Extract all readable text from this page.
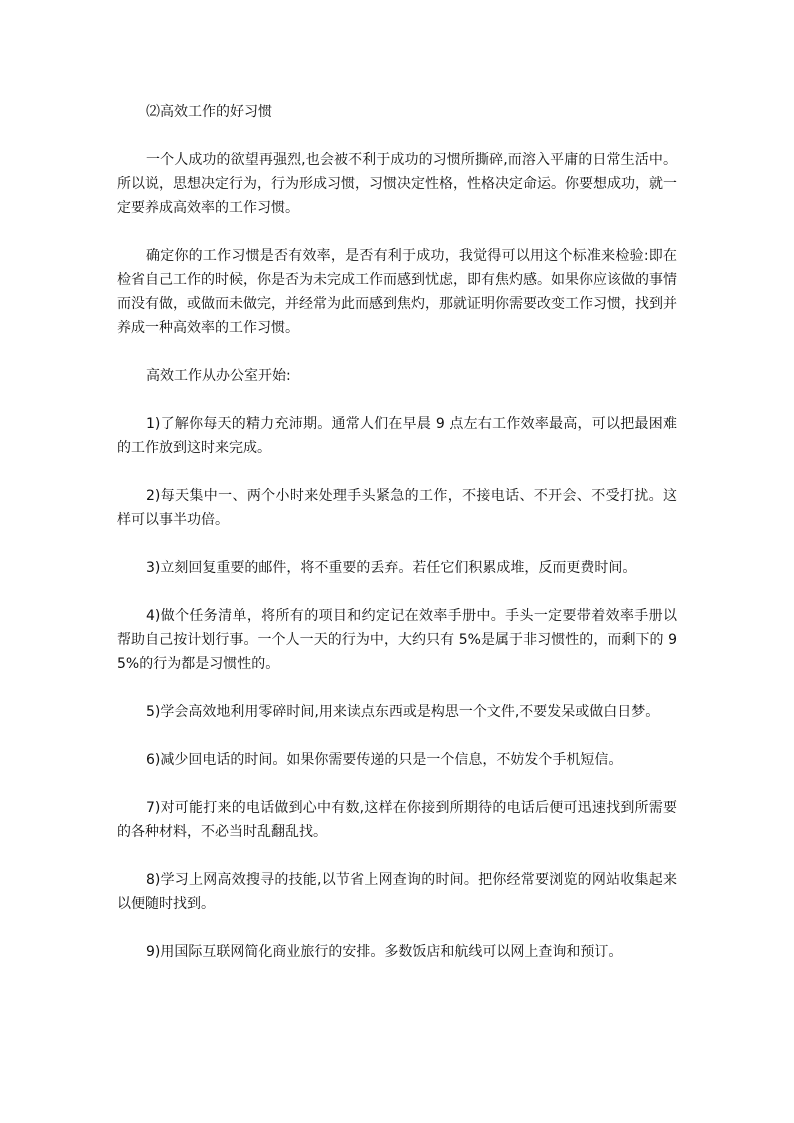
⑵高效工作的好习惯

一个人成功的欲望再强烈,也会被不利于成功的习惯所撕碎,而溶入平庸的日常生活中。所以说，思想决定行为，行为形成习惯，习惯决定性格，性格决定命运。你要想成功，就一定要养成高效率的工作习惯。

确定你的工作习惯是否有效率，是否有利于成功，我觉得可以用这个标准来检验:即在检省自己工作的时候，你是否为未完成工作而感到忧虑，即有焦灼感。如果你应该做的事情而没有做，或做而未做完，并经常为此而感到焦灼，那就证明你需要改变工作习惯，找到并养成一种高效率的工作习惯。

高效工作从办公室开始:

1)了解你每天的精力充沛期。通常人们在早晨 9 点左右工作效率最高，可以把最困难的工作放到这时来完成。

2)每天集中一、两个小时来处理手头紧急的工作，不接电话、不开会、不受打扰。这样可以事半功倍。

3)立刻回复重要的邮件，将不重要的丢弃。若任它们积累成堆，反而更费时间。

4)做个任务清单，将所有的项目和约定记在效率手册中。手头一定要带着效率手册以帮助自己按计划行事。一个人一天的行为中，大约只有 5%是属于非习惯性的，而剩下的 95%的行为都是习惯性的。

5)学会高效地利用零碎时间,用来读点东西或是构思一个文件,不要发呆或做白日梦。

6)减少回电话的时间。如果你需要传递的只是一个信息，不妨发个手机短信。

7)对可能打来的电话做到心中有数,这样在你接到所期待的电话后便可迅速找到所需要的各种材料，不必当时乱翻乱找。

8)学习上网高效搜寻的技能,以节省上网查询的时间。把你经常要浏览的网站收集起来以便随时找到。

9)用国际互联网简化商业旅行的安排。多数饭店和航线可以网上查询和预订。
